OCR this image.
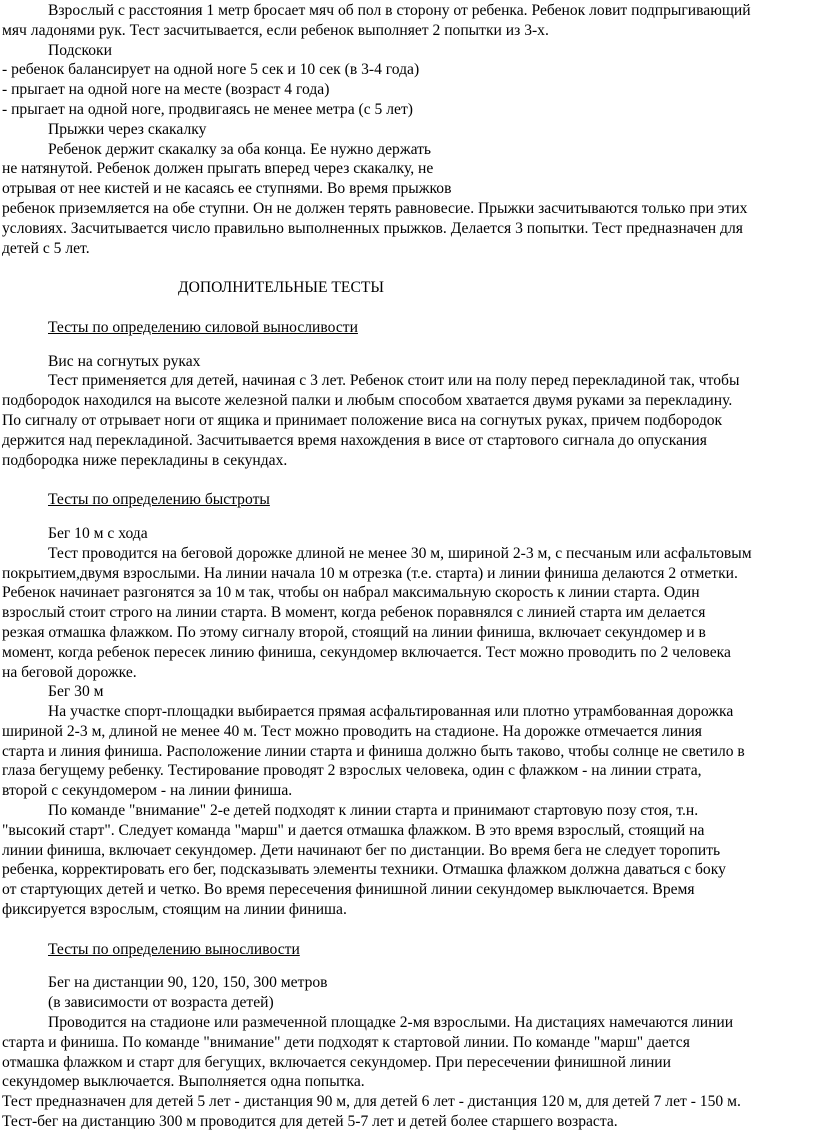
Взрослый с расстояния 1 метр бросает мяч об пол в сторону от ребенка. Ребенок ловит подпрыгивающий

мяч ладонями рук. Тест засчитывается, если ребенок выполняет 2 попытки из 3-х.

Подскоки

- ребенок балансирует на одной ноге 5 сек и 10 сек (в 3-4 года)

- прыгает на одной ноге на месте (возраст 4 года)

- прыгает на одной ноге, продвигаясь не менее метра (с 5 лет)

Прыжки через скакалку

Ребенок держит скакалку за оба конца. Ее нужно держать

не натянутой. Ребенок должен прыгать вперед через скакалку, не

отрывая от нее кистей и не касаясь ее ступнями. Во время прыжков

ребенок приземляется на обе ступни. Он не должен терять равновесие. Прыжки засчитываются только при этих

условиях. Засчитывается число правильно выполненных прыжков. Делается 3 попытки. Тест предназначен для

детей с 5 лет.

ДОПОЛНИТЕЛЬНЫЕ ТЕСТЫ

Тесты по определению силовой выносливости

Вис на согнутых руках

Тест применяется для детей, начиная с 3 лет. Ребенок стоит или на полу перед перекладиной так, чтобы

подбородок находился на высоте железной палки и любым способом хватается двумя руками за перекладину.

По сигналу от отрывает ноги от ящика и принимает положение виса на согнутых руках, причем подбородок

держится над перекладиной. Засчитывается время нахождения в висе от стартового сигнала до опускания

подбородка ниже перекладины в секундах.

Тесты по определению быстроты

Бег 10 м с хода

Тест проводится на беговой дорожке длиной не менее 30 м, шириной 2-3 м, с песчаным или асфальтовым

покрытием,двумя взрослыми. На линии начала 10 м отрезка (т.е. старта) и линии финиша делаются 2 отметки.

Ребенок начинает разгонятся за 10 м так, чтобы он набрал максимальную скорость к линии старта. Один

взрослый стоит строго на линии старта. В момент, когда ребенок поравнялся с линией старта им делается

резкая отмашка флажком. По этому сигналу второй, стоящий на линии финиша, включает секундомер и в

момент, когда ребенок пересек линию финиша, секундомер включается. Тест можно проводить по 2 человека

на беговой дорожке.

Бег 30 м

На участке спорт-площадки выбирается прямая асфальтированная или плотно утрамбованная дорожка

шириной 2-3 м, длиной не менее 40 м. Тест можно проводить на стадионе. На дорожке отмечается линия

старта и линия финиша. Расположение линии старта и финиша должно быть таково, чтобы солнце не светило в

глаза бегущему ребенку. Тестирование проводят 2 взрослых человека, один с флажком - на линии страта,

второй с секундомером - на линии финиша.

По команде "внимание" 2-е детей подходят к линии старта и принимают стартовую позу стоя, т.н.

"высокий старт". Следует команда "марш" и дается отмашка флажком. В это время взрослый, стоящий на

линии финиша, включает секундомер. Дети начинают бег по дистанции. Во время бега не следует торопить

ребенка, корректировать его бег, подсказывать элементы техники. Отмашка флажком должна даваться с боку

от стартующих детей и четко. Во время пересечения финишной линии секундомер выключается. Время

фиксируется взрослым, стоящим на линии финиша.

Тесты по определению выносливости

Бег на дистанции 90, 120, 150, 300 метров

(в зависимости от возраста детей)

Проводится на стадионе или размеченной площадке 2-мя взрослыми. На дистациях намечаются линии

старта и финиша. По команде "внимание" дети подходят к стартовой линии. По команде "марш" дается

отмашка флажком и старт для бегущих, включается секундомер. При пересечении финишной линии

секундомер выключается. Выполняется одна попытка.

Тест предназначен для детей 5 лет - дистанция 90 м, для детей 6 лет - дистанция 120 м, для детей 7 лет - 150 м.

Тест-бег на дистанцию 300 м проводится для детей 5-7 лет и детей более старшего возраста.
